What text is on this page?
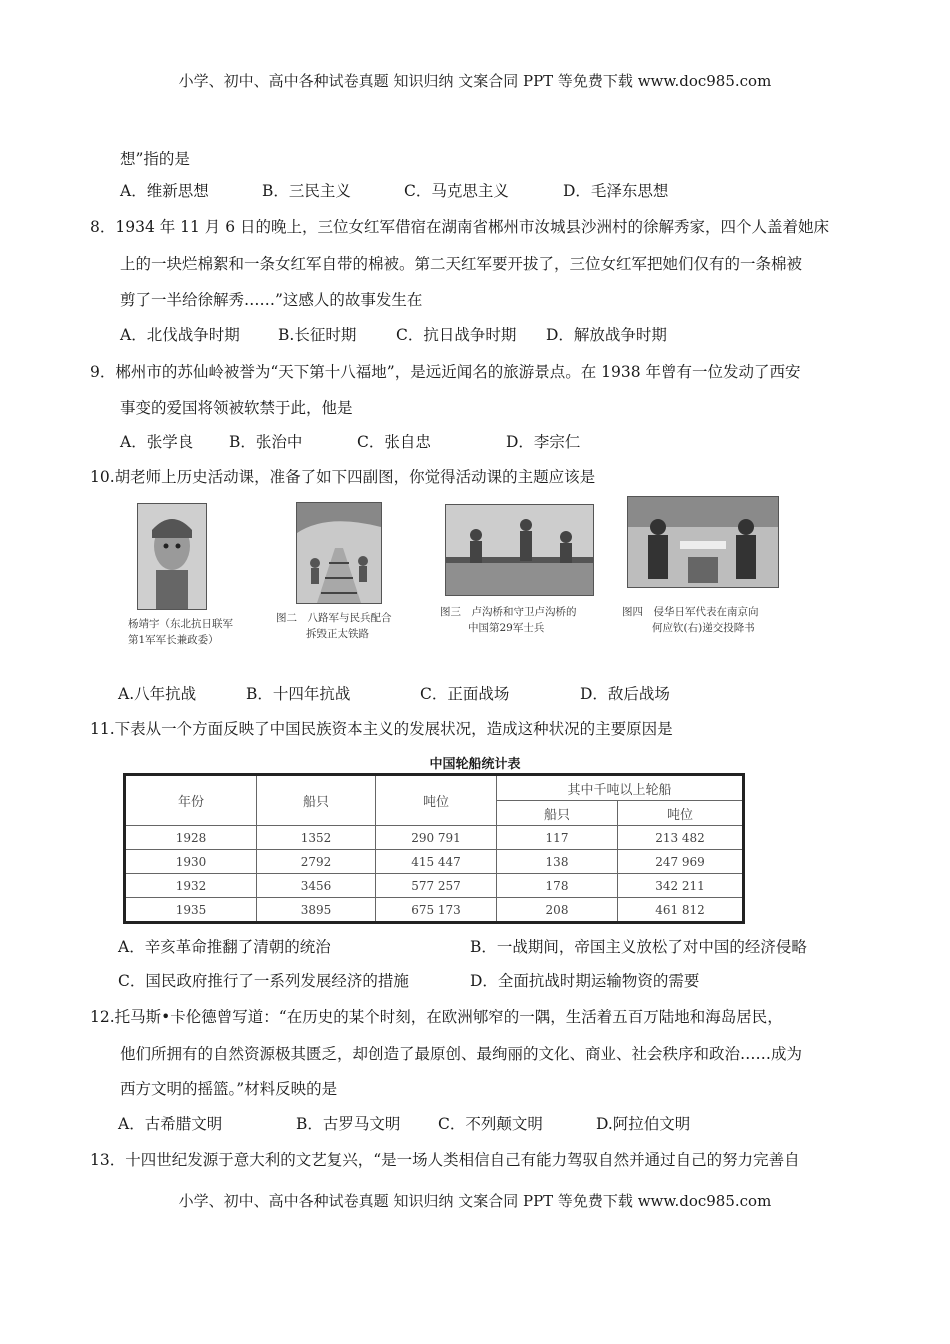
小学、初中、高中各种试卷真题 知识归纳 文案合同 PPT 等免费下载 www.doc985.com
想”指的是
A．维新思想	B．三民主义	C．马克思主义	D．毛泽东思想
8．1934 年 11 月 6 日的晚上，三位女红军借宿在湖南省郴州市汝城县沙洲村的徐解秀家，四个人盖着她床
上的一块烂棉絮和一条女红军自带的棉被。第二天红军要开拔了，三位女红军把她们仅有的一条棉被
剪了一半给徐解秀……”这感人的故事发生在
A．北伐战争时期 B.长征时期	C．抗日战争时期 D．解放战争时期
9．郴州市的苏仙岭被誉为“天下第十八福地”，是远近闻名的旅游景点。在 1938 年曾有一位发动了西安
事变的爱国将领被软禁于此，他是
A．张学良 B．张治中	C．张自忠	D．李宗仁
10.胡老师上历史活动课，准备了如下四副图，你觉得活动课的主题应该是
杨靖宇（东北抗日联军
第1军军长兼政委）
图二　八路军与民兵配合
拆毁正太铁路
图三　卢沟桥和守卫卢沟桥的
中国第29军士兵
图四　侵华日军代表在南京向
何应钦(右)递交投降书
A.八年抗战	B．十四年抗战	C．正面战场	D．敌后战场
11.下表从一个方面反映了中国民族资本主义的发展状况，造成这种状况的主要原因是
中国轮船统计表
年份	船只	吨位	其中千吨以上轮船	
			船只	吨位
1928	1352	290 791	117	213 482
1930	2792	415 447	138	247 969
1932	3456	577 257	178	342 211
1935	3895	675 173	208	461 812
A．辛亥革命推翻了清朝的统治	B．一战期间，帝国主义放松了对中国的经济侵略
C．国民政府推行了一系列发展经济的措施	D．全面抗战时期运输物资的需要
12.托马斯•卡伦德曾写道：“在历史的某个时刻，在欧洲郇窄的一隅，生活着五百万陆地和海岛居民，
他们所拥有的自然资源极其匮乏，却创造了最原创、最绚丽的文化、商业、社会秩序和政治……成为
西方文明的摇篮。”材料反映的是
A．古希腊文明	B．古罗马文明 C．不列颠文明	D.阿拉伯文明
13．十四世纪发源于意大利的文艺复兴，“是一场人类相信自己有能力驾驭自然并通过自己的努力完善自
小学、初中、高中各种试卷真题 知识归纳 文案合同 PPT 等免费下载 www.doc985.com
